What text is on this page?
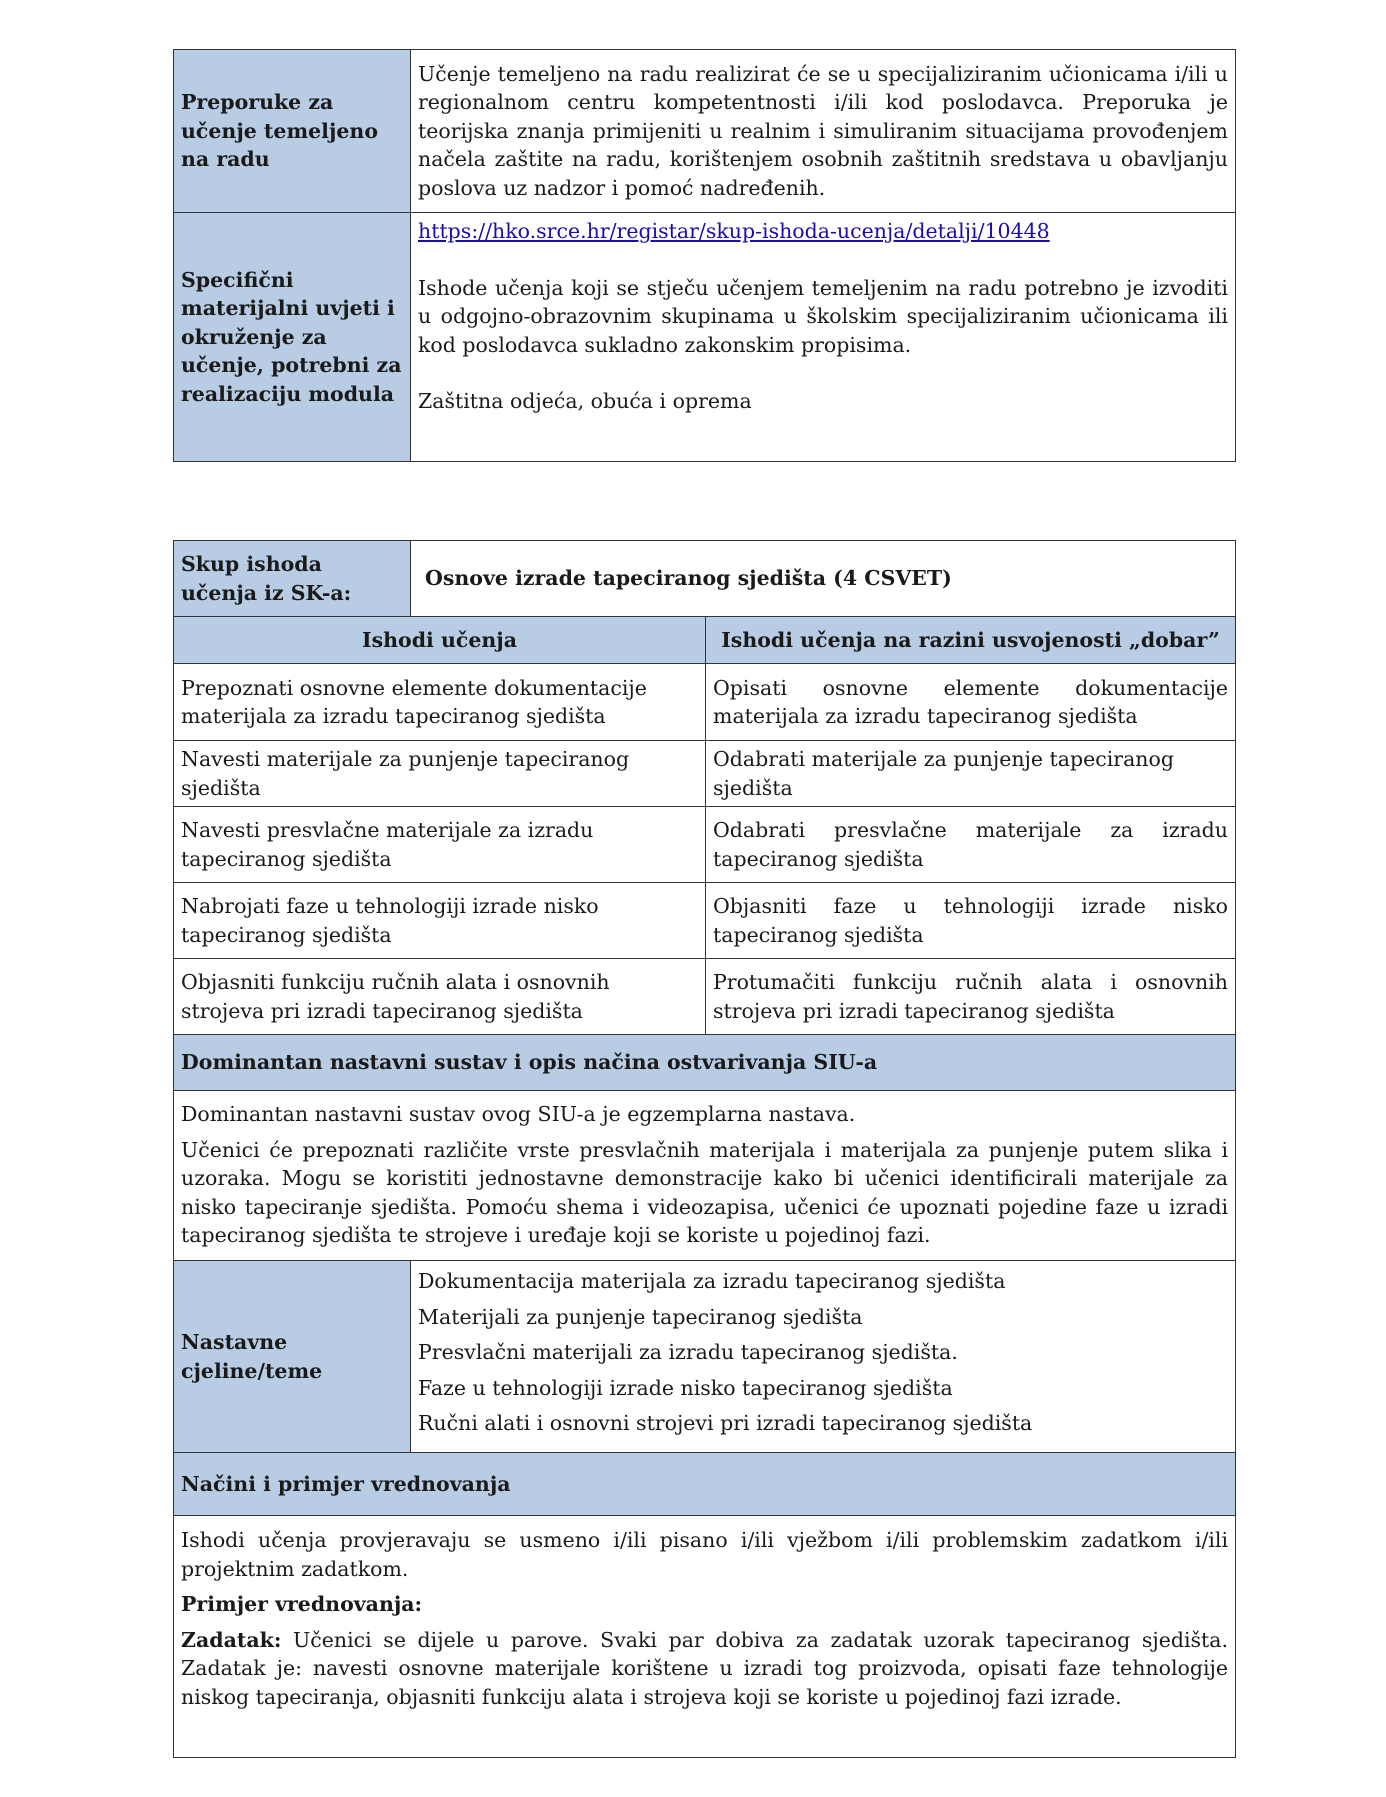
Preporuke za učenje temeljeno na radu	Učenje temeljeno na radu realizirat će se u specijaliziranim učionicama i/ili u regionalnom centru kompetentnosti i/ili kod poslodavca. Preporuka je teorijska znanja primijeniti u realnim i simuliranim situacijama provođenjem načela zaštite na radu, korištenjem osobnih zaštitnih sredstava u obavljanju poslova uz nadzor i pomoć nadređenih.
Specifični materijalni uvjeti i okruženje za učenje, potrebni za realizaciju modula	https://hko.srce.hr/registar/skup-ishoda-ucenja/detalji/10448

Ishode učenja koji se stječu učenjem temeljenim na radu potrebno je izvoditi u odgojno-obrazovnim skupinama u školskim specijaliziranim učionicama ili kod poslodavca sukladno zakonskim propisima.

Zaštitna odjeća, obuća i oprema

Skup ishoda učenja iz SK-a:	Osnove izrade tapeciranog sjedišta (4 CSVET)	
Ishodi učenja		Ishodi učenja na razini usvojenosti „dobar”
Prepoznati osnovne elemente dokumentacije materijala za izradu tapeciranog sjedišta		Opisati osnovne elemente dokumentacije materijala za izradu tapeciranog sjedišta
Navesti materijale za punjenje tapeciranog sjedišta		Odabrati materijale za punjenje tapeciranog sjedišta
Navesti presvlačne materijale za izradu tapeciranog sjedišta		Odabrati presvlačne materijale za izradu tapeciranog sjedišta
Nabrojati faze u tehnologiji izrade nisko tapeciranog sjedišta		Objasniti faze u tehnologiji izrade nisko tapeciranog sjedišta
Objasniti funkciju ručnih alata i osnovnih strojeva pri izradi tapeciranog sjedišta		Protumačiti funkciju ručnih alata i osnovnih strojeva pri izradi tapeciranog sjedišta
Dominantan nastavni sustav i opis načina ostvarivanja SIU-a		

Dominantan nastavni sustav ovog SIU-a je egzemplarna nastava.

Učenici će prepoznati različite vrste presvlačnih materijala i materijala za punjenje putem slika i uzoraka. Mogu se koristiti jednostavne demonstracije kako bi učenici identificirali materijale za nisko tapeciranje sjedišta. Pomoću shema i videozapisa, učenici će upoznati pojedine faze u izradi tapeciranog sjedišta te strojeve i uređaje koji se koriste u pojedinoj fazi.		

Nastavne cjeline/teme	Dokumentacija materijala za izradu tapeciranog sjedišta

Materijali za punjenje tapeciranog sjedišta

Presvlačni materijali za izradu tapeciranog sjedišta.

Faze u tehnologiji izrade nisko tapeciranog sjedišta

Ručni alati i osnovni strojevi pri izradi tapeciranog sjedišta	

Načini i primjer vrednovanja		

Ishodi učenja provjeravaju se usmeno i/ili pisano i/ili vježbom i/ili problemskim zadatkom i/ili projektnim zadatkom.

Primjer vrednovanja:

Zadatak: Učenici se dijele u parove. Svaki par dobiva za zadatak uzorak tapeciranog sjedišta. Zadatak je: navesti osnovne materijale korištene u izradi tog proizvoda, opisati faze tehnologije niskog tapeciranja, objasniti funkciju alata i strojeva koji se koriste u pojedinoj fazi izrade.		
